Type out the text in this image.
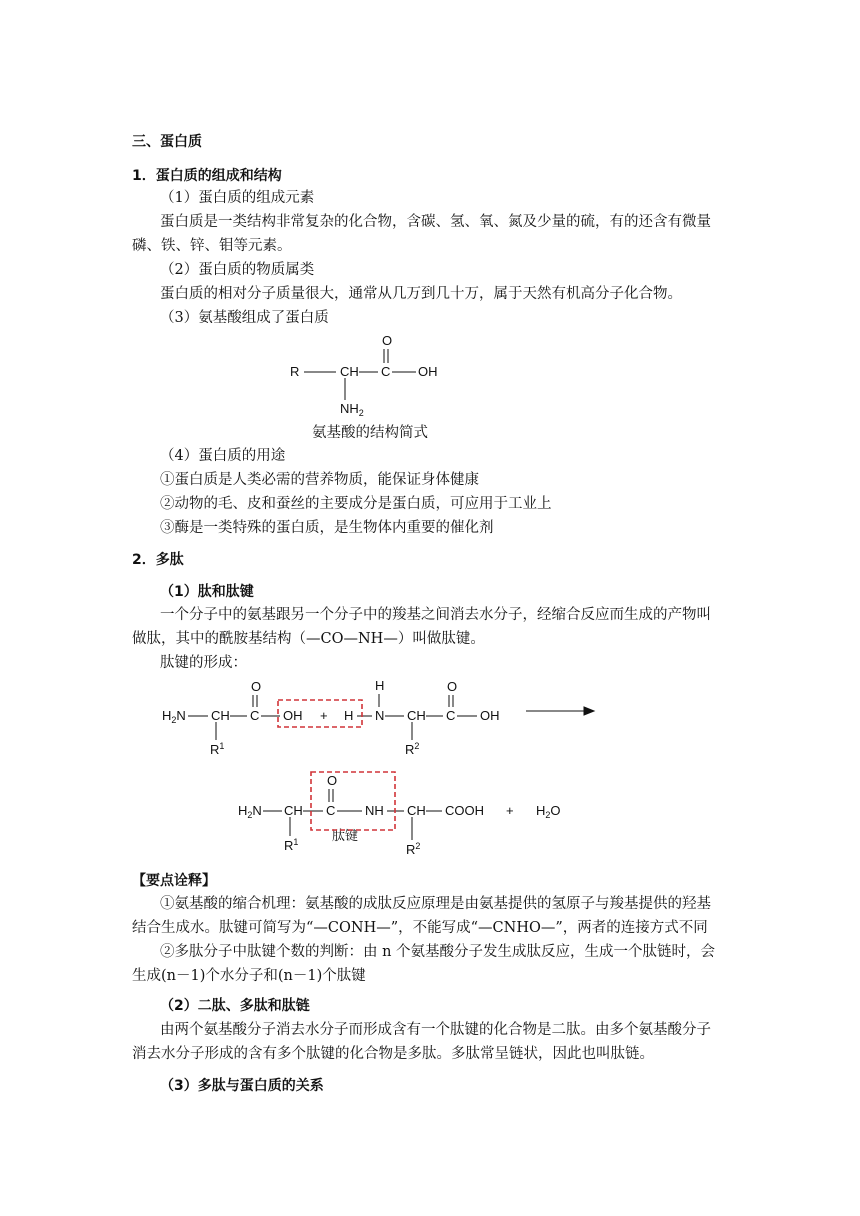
三、蛋白质
1．蛋白质的组成和结构
（1）蛋白质的组成元素
蛋白质是一类结构非常复杂的化合物，含碳、氢、氧、氮及少量的硫，有的还含有微量
磷、铁、锌、钼等元素。
（2）蛋白质的物质属类
蛋白质的相对分子质量很大，通常从几万到几十万，属于天然有机高分子化合物。
（3）氨基酸组成了蛋白质
R	CH C
O
OH
$NH_2$
氨基酸的结构简式
（4）蛋白质的用途
①蛋白质是人类必需的营养物质，能保证身体健康
②动物的毛、皮和蚕丝的主要成分是蛋白质，可应用于工业上
③酶是一类特殊的蛋白质，是生物体内重要的催化剂
2．多肽
（1）肽和肽键
一个分子中的氨基跟另一个分子中的羧基之间消去水分子，经缩合反应而生成的产物叫
做肽，其中的酰胺基结构（—CO—NH—）叫做肽键。
肽键的形成：
$H_2N$ CH C
O
OH + H
H
N CH C
O
OH
$R^1$	$R^2$
$H_2N$ CH C
O
NH CH COOH + $H_2O$
肽键
$R^1$	$R^2$
【要点诠释】
①氨基酸的缩合机理：氨基酸的成肽反应原理是由氨基提供的氢原子与羧基提供的羟基
结合生成水。肽键可简写为“—CONH—”，不能写成“—CNHO—”，两者的连接方式不同
②多肽分子中肽键个数的判断：由 n 个氨基酸分子发生成肽反应，生成一个肽链时，会
生成(n－1)个水分子和(n－1)个肽键
（2）二肽、多肽和肽链
由两个氨基酸分子消去水分子而形成含有一个肽键的化合物是二肽。由多个氨基酸分子
消去水分子形成的含有多个肽键的化合物是多肽。多肽常呈链状，因此也叫肽链。
（3）多肽与蛋白质的关系
